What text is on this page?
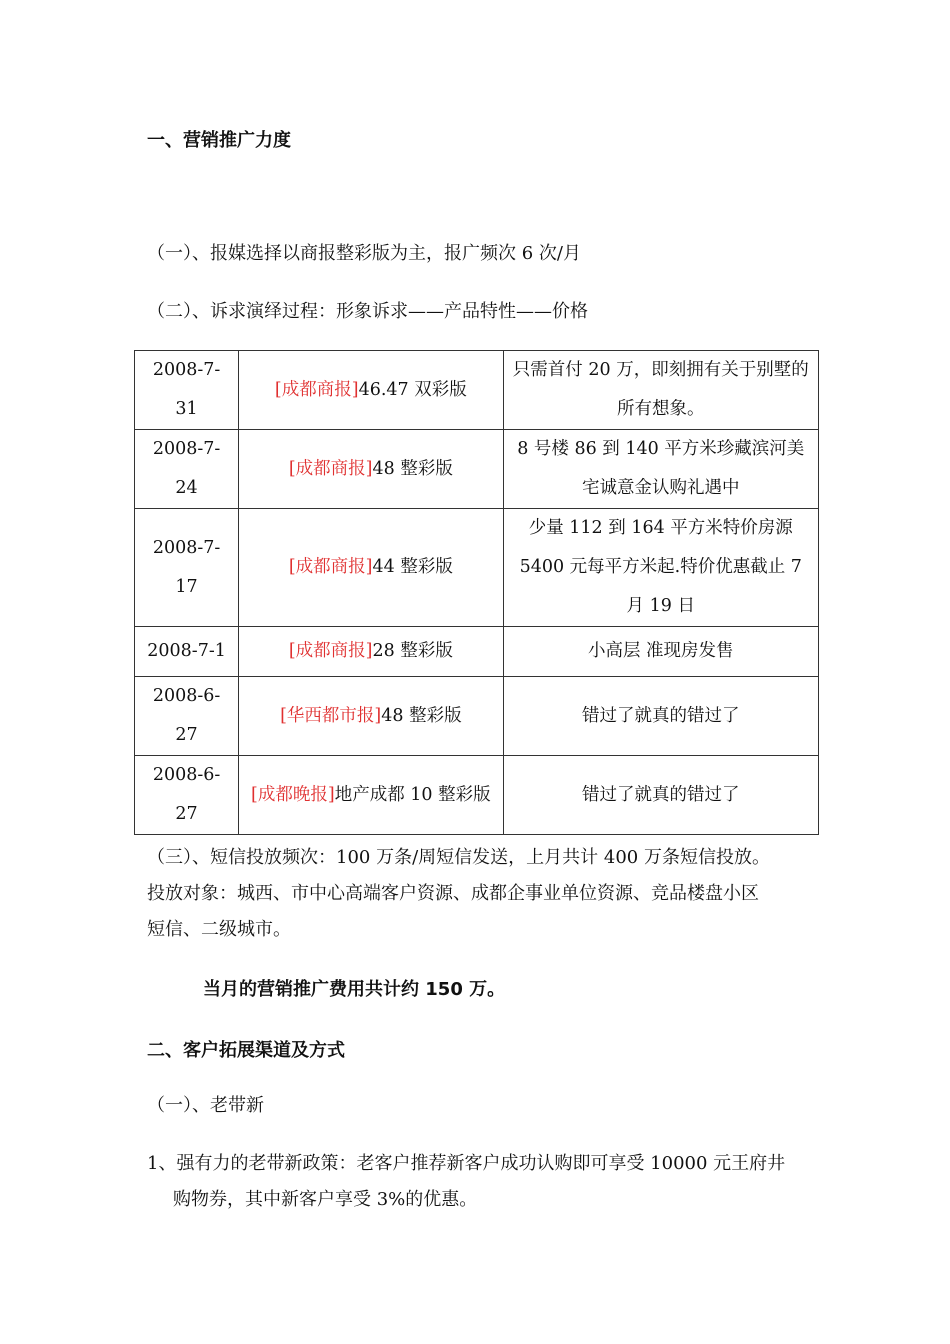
一、营销推广力度
（一）、报媒选择以商报整彩版为主，报广频次 6 次/月
（二）、诉求演绎过程：形象诉求——产品特性——价格
2008-7-31	[成都商报]46.47 双彩版	只需首付 20 万，即刻拥有关于别墅的所有想象。
2008-7-24	[成都商报]48 整彩版	8 号楼 86 到 140 平方米珍藏滨河美宅诚意金认购礼遇中
2008-7-17	[成都商报]44 整彩版	少量 112 到 164 平方米特价房源 5400 元每平方米起.特价优惠截止 7 月 19 日
2008-7-1	[成都商报]28 整彩版	小高层 准现房发售
2008-6-27	[华西都市报]48 整彩版	错过了就真的错过了
2008-6-27	[成都晚报]地产成都 10 整彩版	错过了就真的错过了
（三）、短信投放频次：100 万条/周短信发送，上月共计 400 万条短信投放。
投放对象：城西、市中心高端客户资源、成都企事业单位资源、竞品楼盘小区
短信、二级城市。
当月的营销推广费用共计约 150 万。
二、客户拓展渠道及方式
（一）、老带新
1、强有力的老带新政策：老客户推荐新客户成功认购即可享受 10000 元王府井
购物券，其中新客户享受 3%的优惠。
